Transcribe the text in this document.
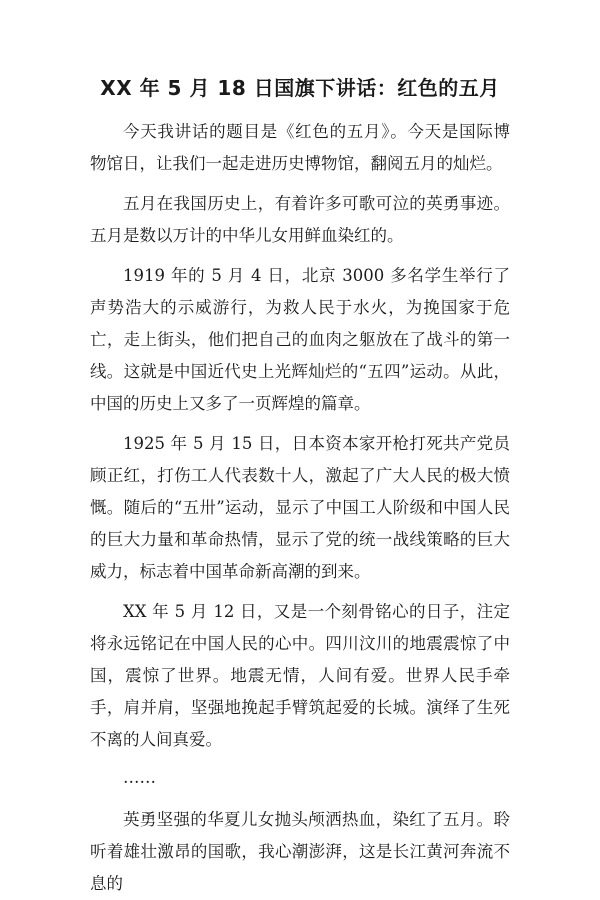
XX 年 5 月 18 日国旗下讲话：红色的五月

今天我讲话的题目是《红色的五月》。今天是国际博物馆日，让我们一起走进历史博物馆，翻阅五月的灿烂。

五月在我国历史上，有着许多可歌可泣的英勇事迹。五月是数以万计的中华儿女用鲜血染红的。

1919 年的 5 月 4 日，北京 3000 多名学生举行了声势浩大的示威游行，为救人民于水火，为挽国家于危亡，走上街头，他们把自己的血肉之躯放在了战斗的第一线。这就是中国近代史上光辉灿烂的“五四”运动。从此，中国的历史上又多了一页辉煌的篇章。

1925 年 5 月 15 日，日本资本家开枪打死共产党员顾正红，打伤工人代表数十人，激起了广大人民的极大愤慨。随后的“五卅”运动，显示了中国工人阶级和中国人民的巨大力量和革命热情，显示了党的统一战线策略的巨大威力，标志着中国革命新高潮的到来。

XX 年 5 月 12 日，又是一个刻骨铭心的日子，注定将永远铭记在中国人民的心中。四川汶川的地震震惊了中国，震惊了世界。地震无情，人间有爱。世界人民手牵手，肩并肩，坚强地挽起手臂筑起爱的长城。演绎了生死不离的人间真爱。

……

英勇坚强的华夏儿女抛头颅洒热血，染红了五月。聆听着雄壮激昂的国歌，我心潮澎湃，这是长江黄河奔流不息的
